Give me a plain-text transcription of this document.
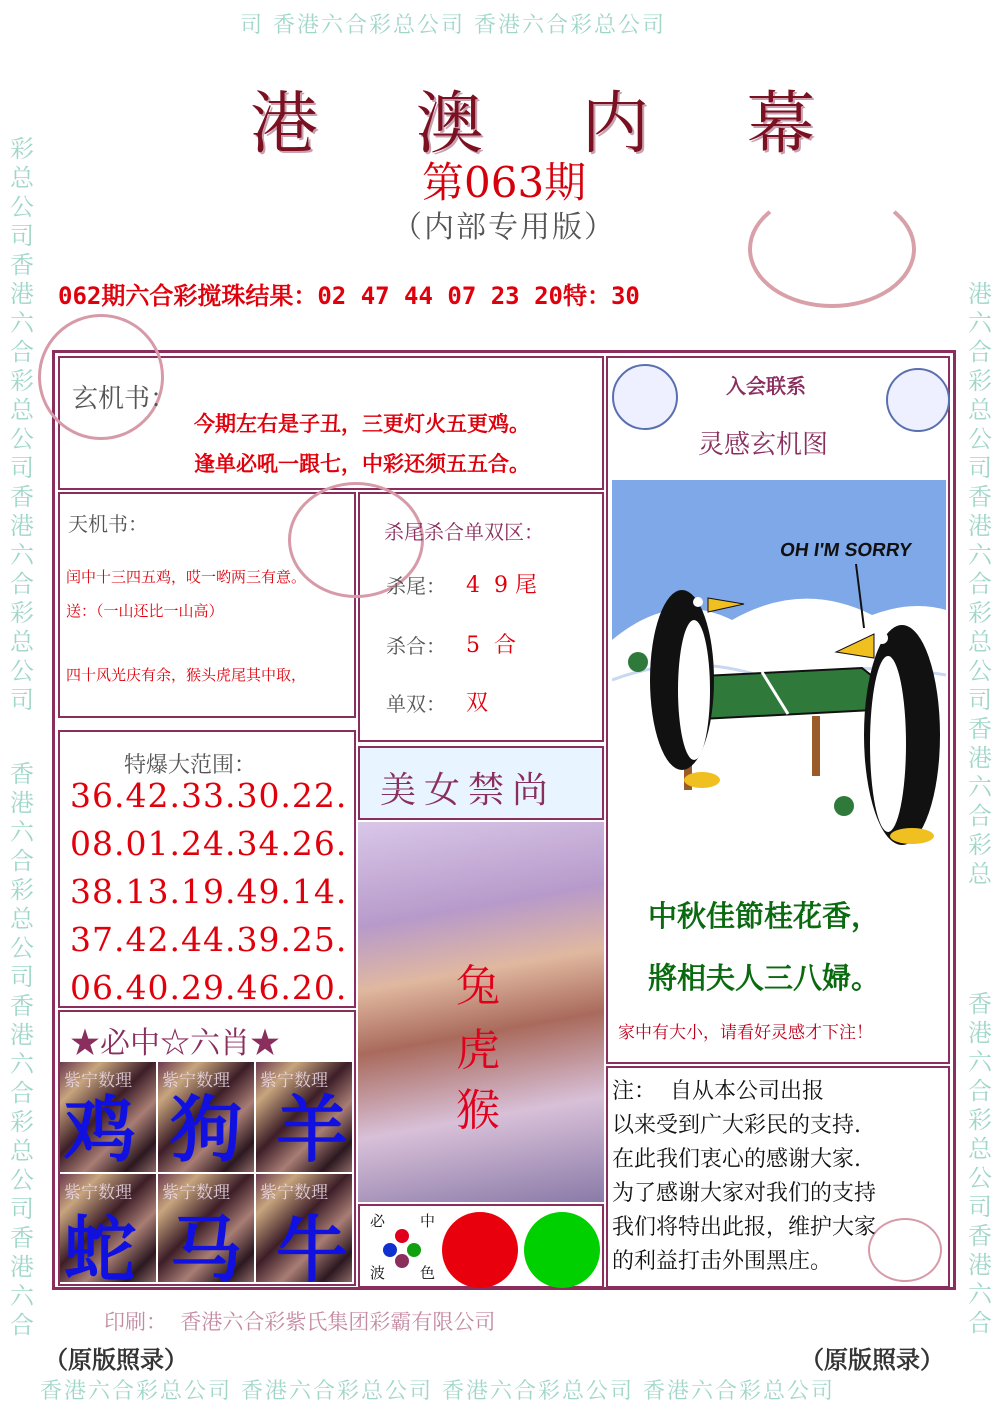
司 香港六合彩总公司 香港六合彩总公司
香港六合彩总公司 香港六合彩总公司 香港六合彩总公司 香港六合彩总公司
彩总公司香港六合彩总公司香港六合彩总公司
香港六合彩总公司香港六合彩总公司香港六合
港六合彩总公司香港六合彩总公司香港六合彩总
香港六合彩总公司香港六合
港 澳 内 幕
第063期
（内部专用版）
062期六合彩搅珠结果：02 47 44 07 23 20特：30
玄机书：
今期左右是子丑，三更灯火五更鸡。
逢单必吼一跟七，中彩还须五五合。
天机书：
闰中十三四五鸡，哎一哟两三有意。
送：（一山还比一山高）
四十风光庆有余，猴头虎尾其中取，
杀尾杀合单双区：
杀尾： 4  9 尾
杀合： 5  合
单双： 双
入会联系
灵感玄机图
OH I'M SORRY
中秋佳節桂花香，
將相夫人三八婦。
家中有大小，请看好灵感才下注！
特爆大范围：
36.42.33.30.22.
08.01.24.34.26.
38.13.19.49.14.
37.42.44.39.25.
06.40.29.46.20.
美女禁尚
兔
虎
猴
★必中☆六肖★
紫宁数理 紫宁数理 紫宁数理
紫宁数理 紫宁数理 紫宁数理
鸡 狗 羊
蛇 马 牛 必 中
波 色
注：  自从本公司出报
以来受到广大彩民的支持.
在此我们衷心的感谢大家.
为了感谢大家对我们的支持
我们将特出此报，维护大家
的利益打击外围黑庄。
印刷：  香港六合彩紫氏集团彩霸有限公司
（原版照录）	（原版照录）
